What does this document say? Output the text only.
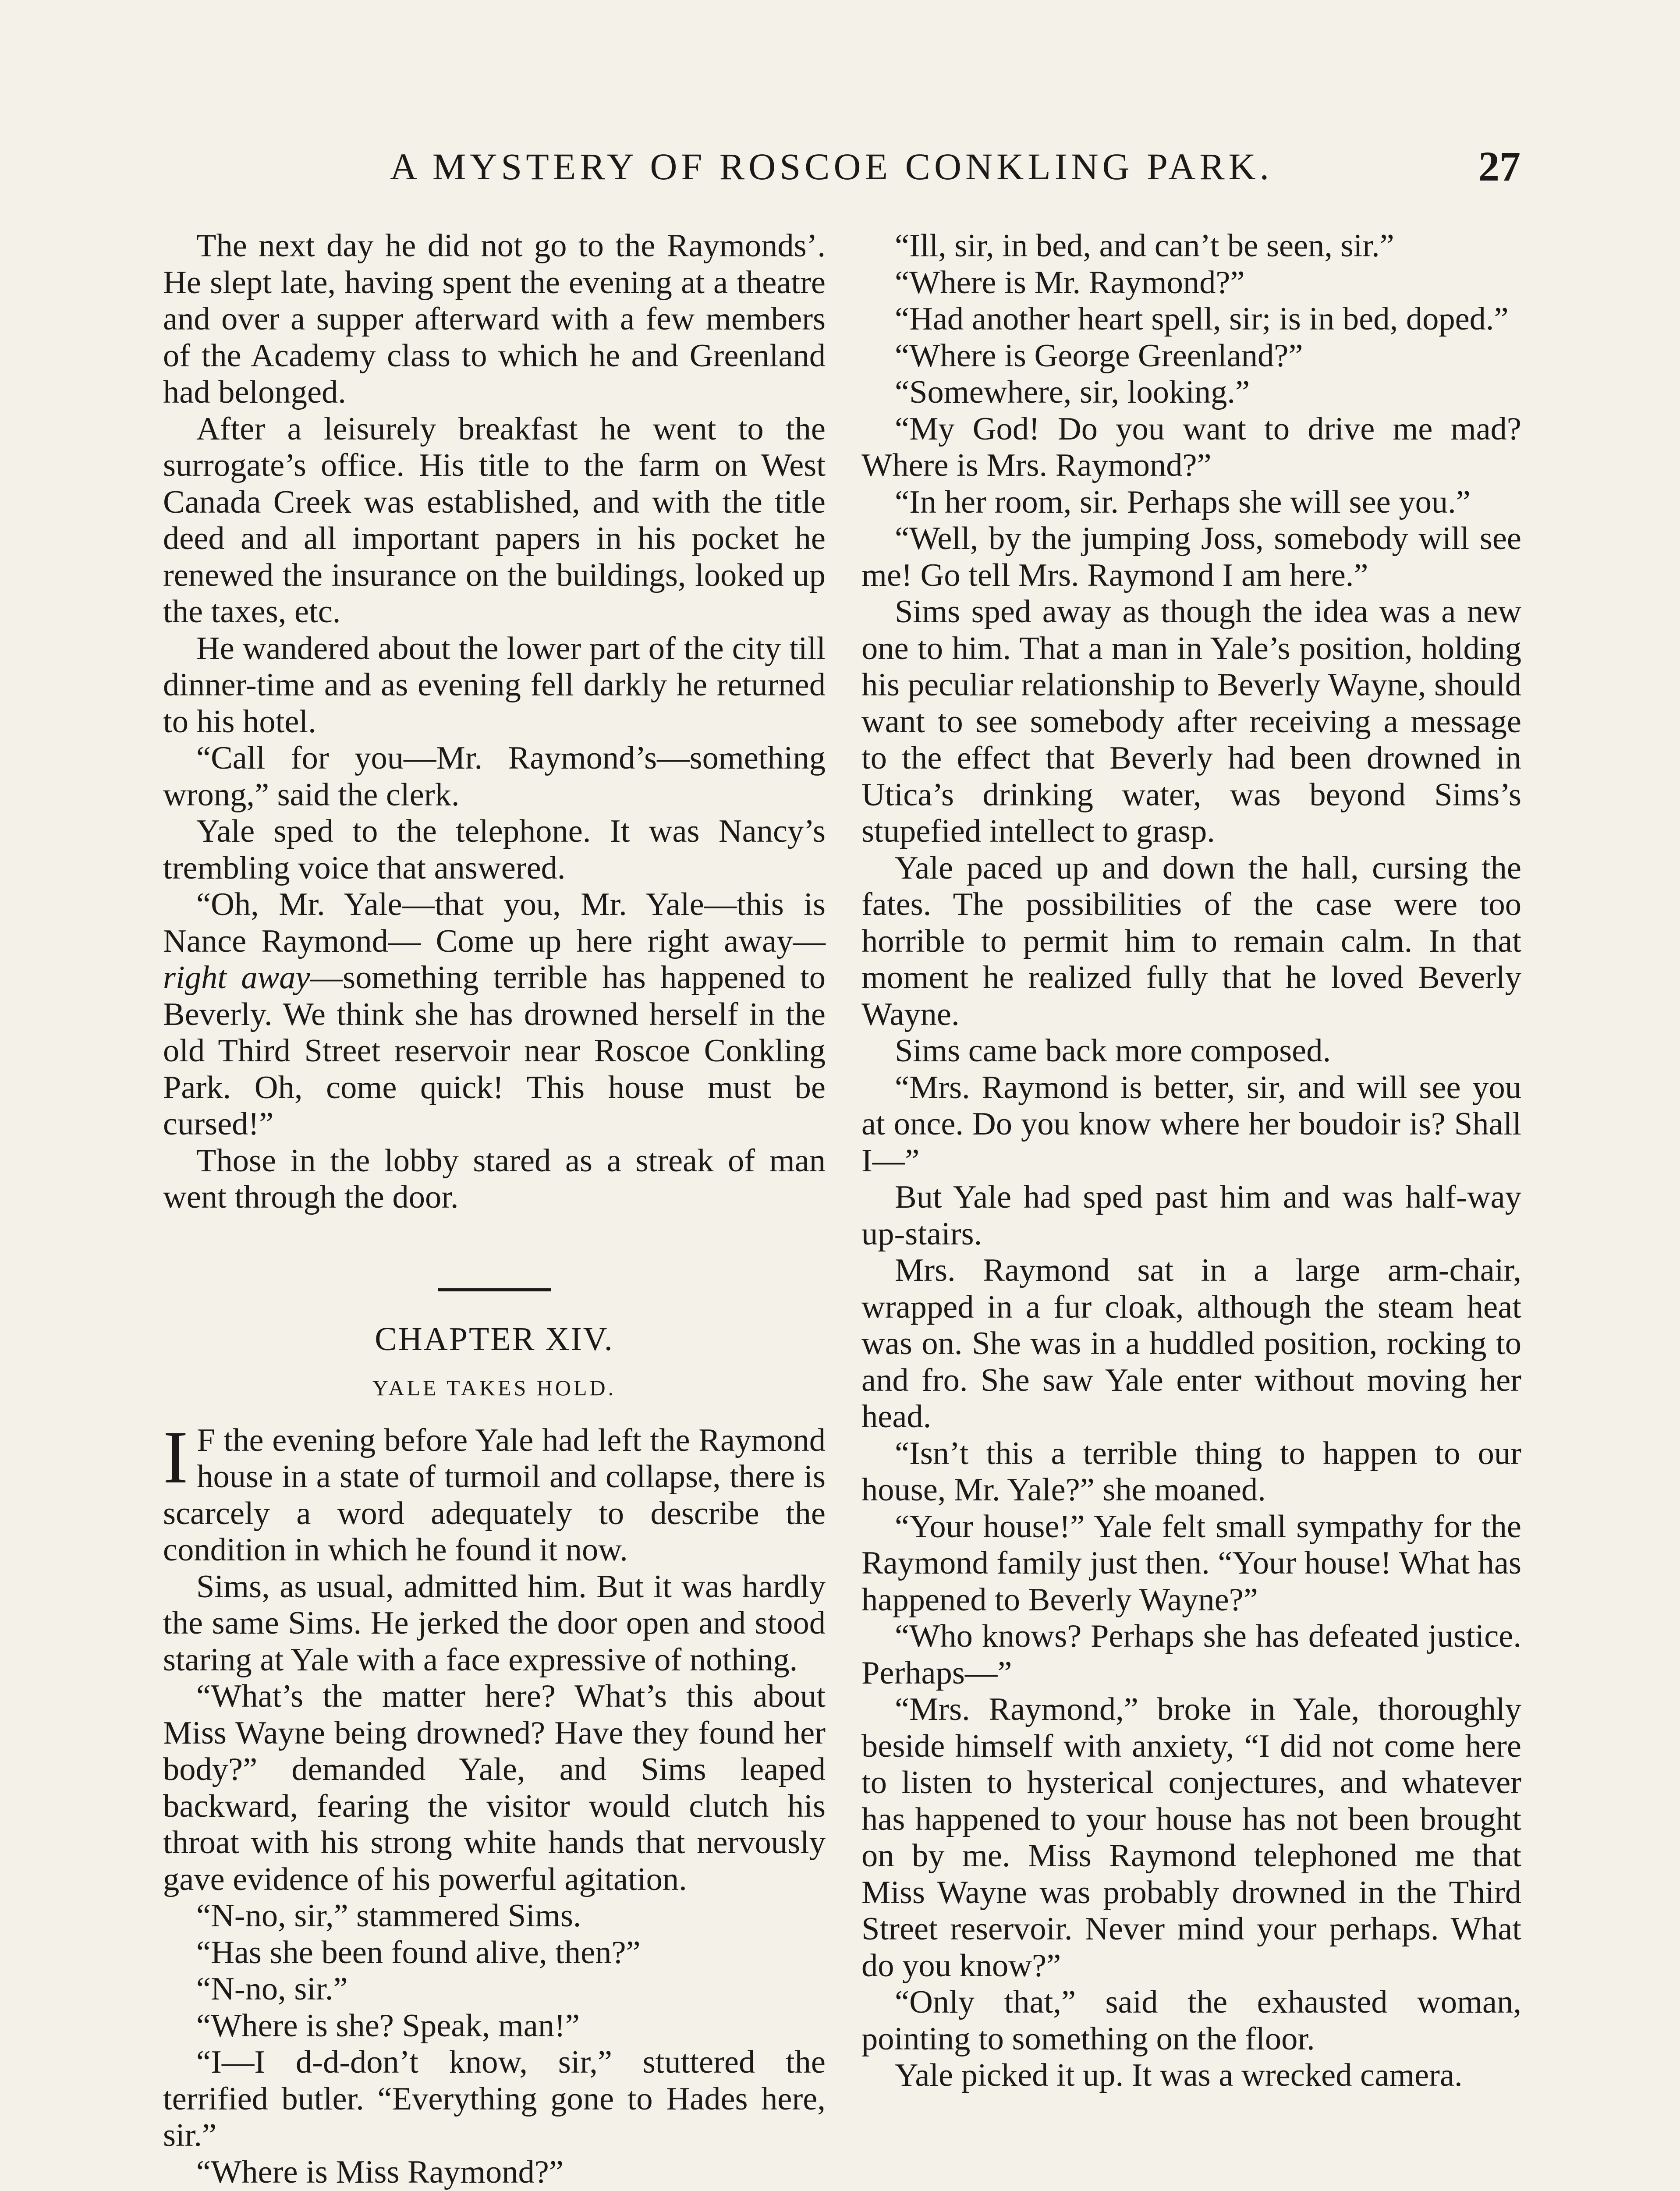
A MYSTERY OF ROSCOE CONKLING PARK.	27

The next day he did not go to the Raymonds’. He slept late, having spent the evening at a theatre and over a supper afterward with a few members of the Academy class to which he and Greenland had belonged.

After a leisurely breakfast he went to the surrogate’s office. His title to the farm on West Canada Creek was established, and with the title deed and all important papers in his pocket he renewed the insurance on the buildings, looked up the taxes, etc.

He wandered about the lower part of the city till dinner-time and as evening fell darkly he returned to his hotel.

“Call for you—Mr. Raymond’s—something wrong,” said the clerk.

Yale sped to the telephone. It was Nancy’s trembling voice that answered.

“Oh, Mr. Yale—that you, Mr. Yale—this is Nance Raymond— Come up here right away—right away—something terrible has happened to Beverly. We think she has drowned herself in the old Third Street reservoir near Roscoe Conkling Park. Oh, come quick! This house must be cursed!”

Those in the lobby stared as a streak of man went through the door.

CHAPTER XIV.
YALE TAKES HOLD.

I F the evening before Yale had left the Raymond house in a state of turmoil and collapse, there is scarcely a word adequately to describe the condition in which he found it now.

Sims, as usual, admitted him. But it was hardly the same Sims. He jerked the door open and stood staring at Yale with a face expressive of nothing.

“What’s the matter here? What’s this about Miss Wayne being drowned? Have they found her body?” demanded Yale, and Sims leaped backward, fearing the visitor would clutch his throat with his strong white hands that nervously gave evidence of his powerful agitation.

“N-no, sir,” stammered Sims.

“Has she been found alive, then?”

“N-no, sir.”

“Where is she? Speak, man!”

“I—I d-d-don’t know, sir,” stuttered the terrified butler. “Everything gone to Hades here, sir.”

“Where is Miss Raymond?”

“Ill, sir, in bed, and can’t be seen, sir.”

“Where is Mr. Raymond?”

“Had another heart spell, sir; is in bed, doped.”

“Where is George Greenland?”

“Somewhere, sir, looking.”

“My God! Do you want to drive me mad? Where is Mrs. Raymond?”

“In her room, sir. Perhaps she will see you.”

“Well, by the jumping Joss, somebody will see me! Go tell Mrs. Raymond I am here.”

Sims sped away as though the idea was a new one to him. That a man in Yale’s position, holding his peculiar relationship to Beverly Wayne, should want to see somebody after receiving a message to the effect that Beverly had been drowned in Utica’s drinking water, was beyond Sims’s stupefied intellect to grasp.

Yale paced up and down the hall, cursing the fates. The possibilities of the case were too horrible to permit him to remain calm. In that moment he realized fully that he loved Beverly Wayne.

Sims came back more composed.

“Mrs. Raymond is better, sir, and will see you at once. Do you know where her boudoir is? Shall I—”

But Yale had sped past him and was half-way up-stairs.

Mrs. Raymond sat in a large arm-chair, wrapped in a fur cloak, although the steam heat was on. She was in a huddled position, rocking to and fro. She saw Yale enter without moving her head.

“Isn’t this a terrible thing to happen to our house, Mr. Yale?” she moaned.

“Your house!” Yale felt small sympathy for the Raymond family just then. “Your house! What has happened to Beverly Wayne?”

“Who knows? Perhaps she has defeated justice. Perhaps—”

“Mrs. Raymond,” broke in Yale, thoroughly beside himself with anxiety, “I did not come here to listen to hysterical conjectures, and whatever has happened to your house has not been brought on by me. Miss Raymond telephoned me that Miss Wayne was probably drowned in the Third Street reservoir. Never mind your perhaps. What do you know?”

“Only that,” said the exhausted woman, pointing to something on the floor.

Yale picked it up. It was a wrecked camera.
